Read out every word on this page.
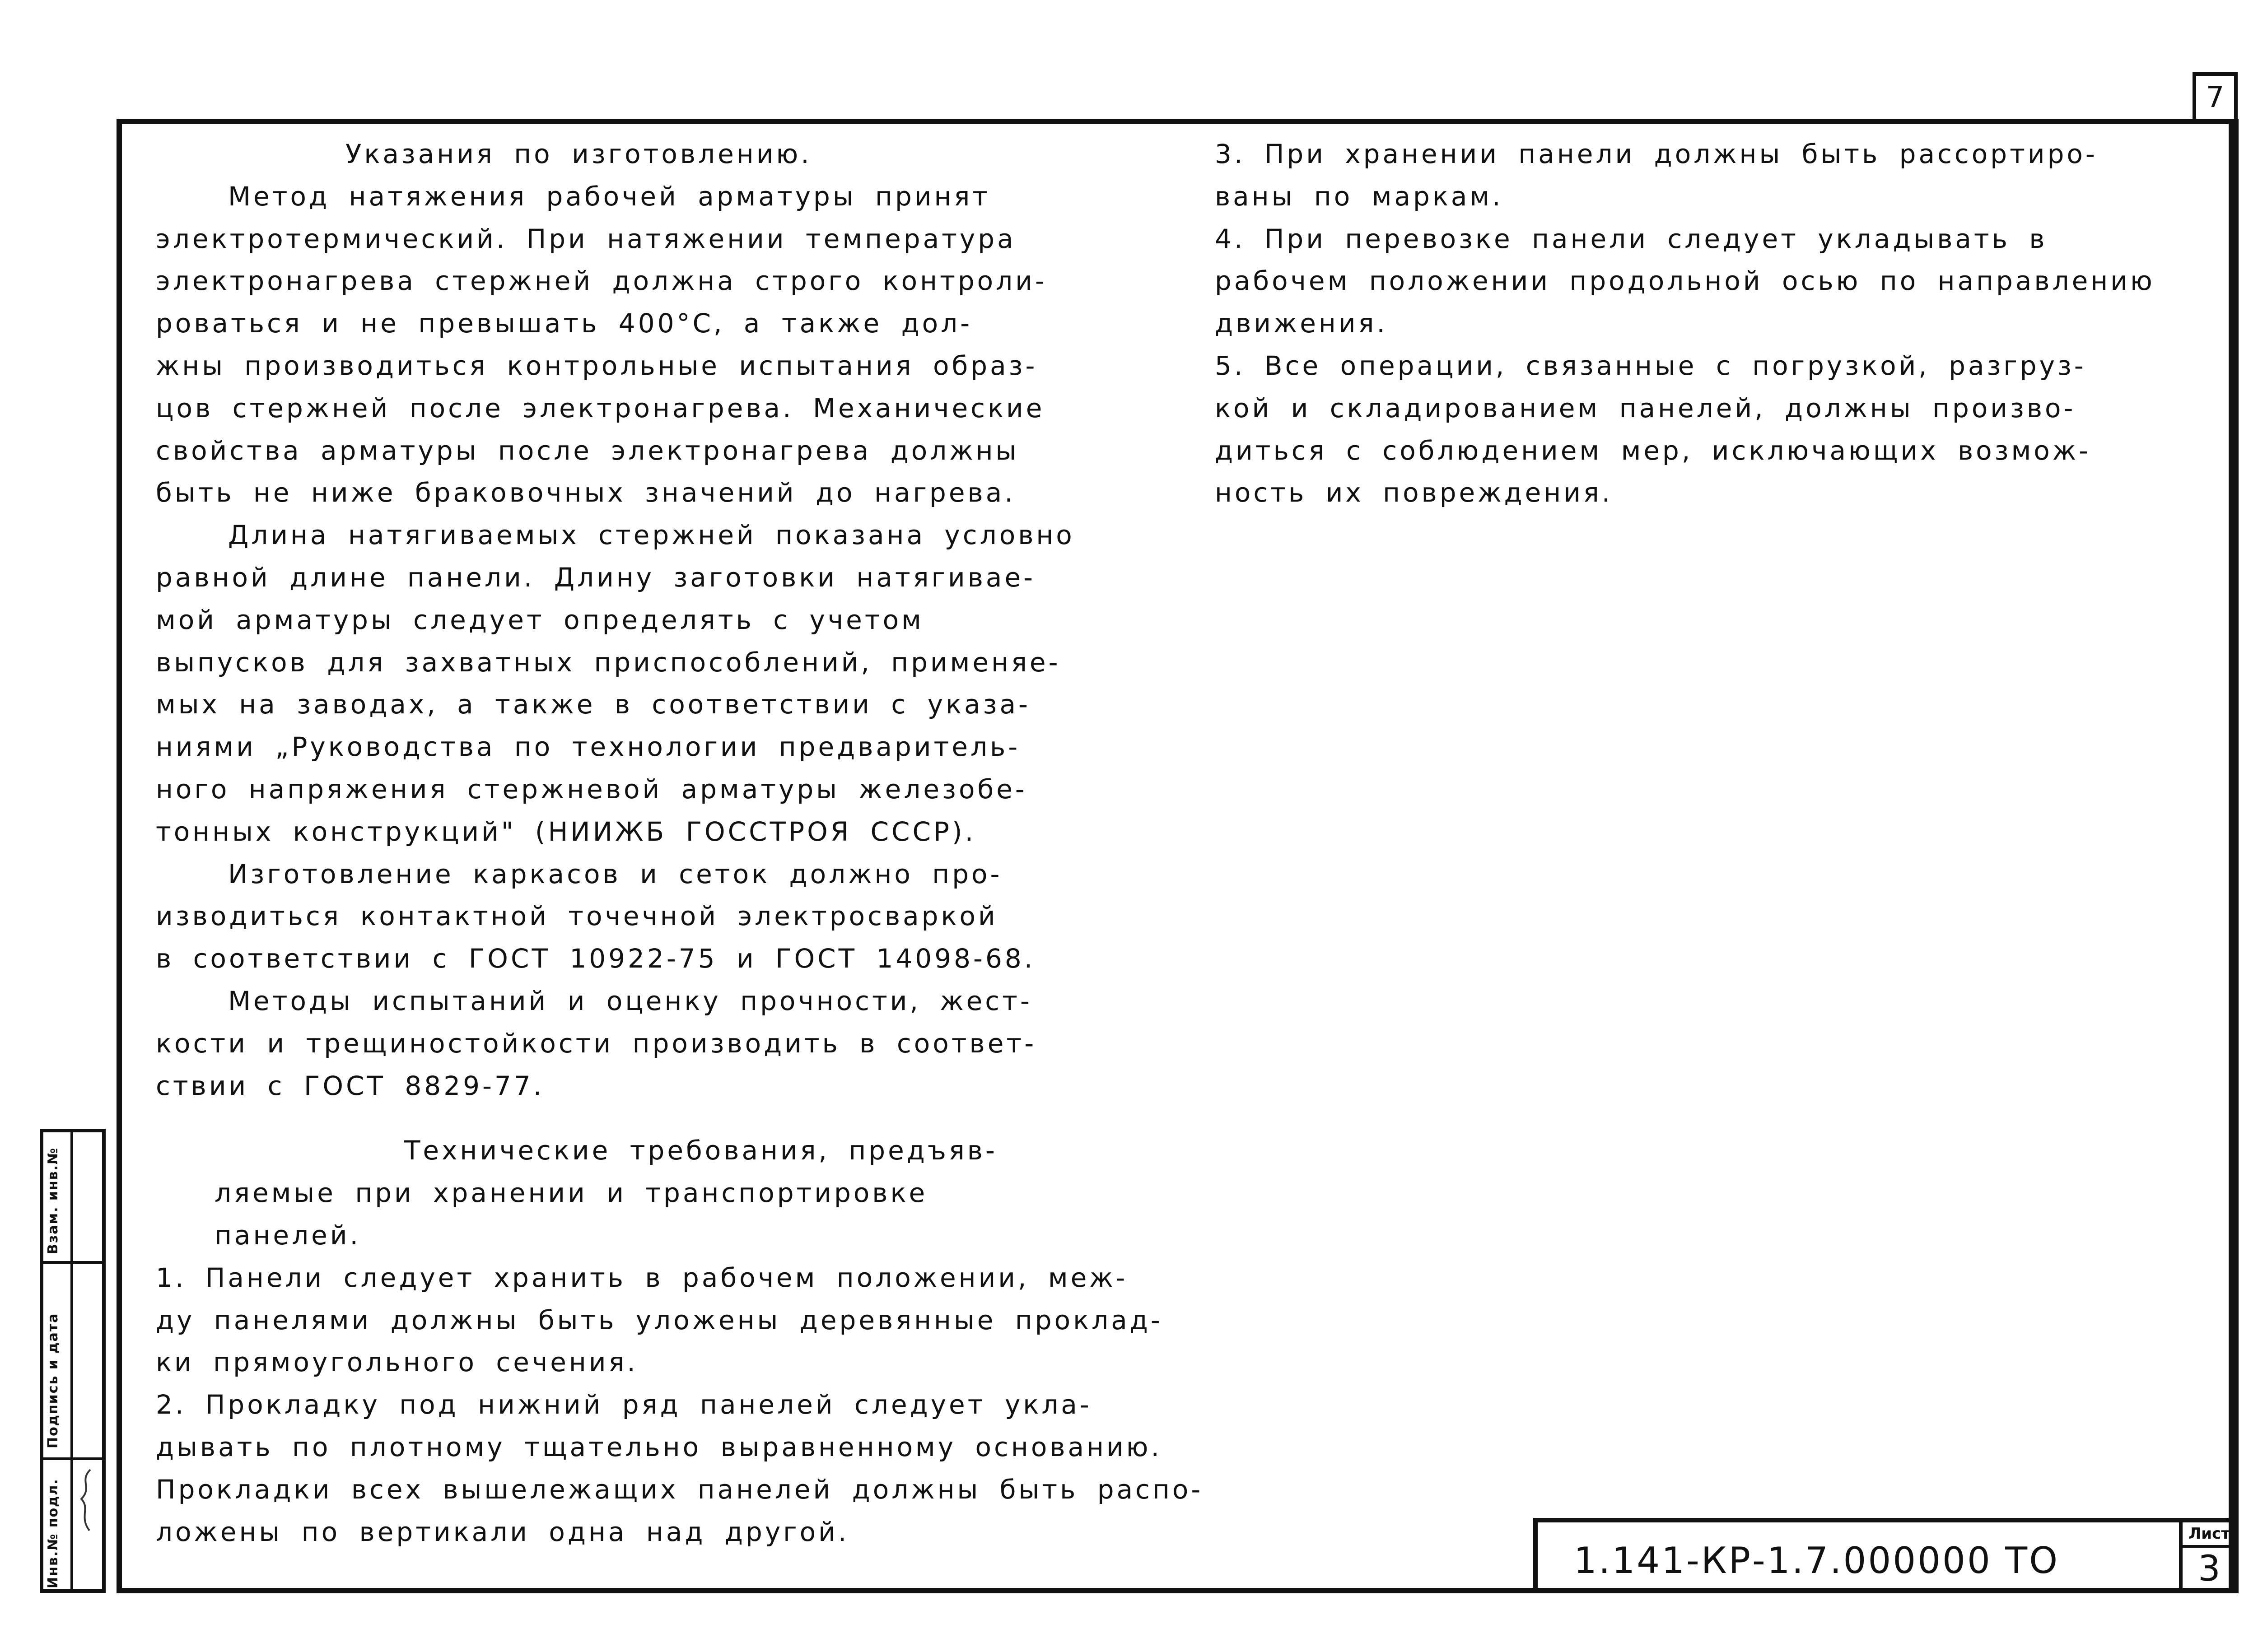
7
Инв.№ подл.
Подпись и дата
Взам. инв.№

Указания по изготовлению.

Метод натяжения рабочей арматуры принят

электротермический. При натяжении температура

электронагрева стержней должна строго контроли-

роваться и не превышать 400°С, а также дол-

жны производиться контрольные испытания образ-

цов стержней после электронагрева. Механические

свойства арматуры после электронагрева должны

быть не ниже браковочных значений до нагрева.

Длина натягиваемых стержней показана условно

равной длине панели. Длину заготовки натягивае-

мой арматуры следует определять с учетом

выпусков для захватных приспособлений, применяе-

мых на заводах, а также в соответствии с указа-

ниями „Руководства по технологии предваритель-

ного напряжения стержневой арматуры железобе-

тонных конструкций" (НИИЖБ ГОССТРОЯ СССР).

Изготовление каркасов и сеток должно про-

изводиться контактной точечной электросваркой

в соответствии с ГОСТ 10922-75 и ГОСТ 14098-68.

Методы испытаний и оценку прочности, жест-

кости и трещиностойкости производить в соответ-

ствии с ГОСТ 8829-77.

Технические требования, предъяв-

ляемые при хранении и транспортировке

панелей.

1. Панели следует хранить в рабочем положении, меж-

ду панелями должны быть уложены деревянные проклад-

ки прямоугольного сечения.

2. Прокладку под нижний ряд панелей следует укла-

дывать по плотному тщательно выравненному основанию.

Прокладки всех вышележащих панелей должны быть распо-

ложены по вертикали одна над другой.

3. При хранении панели должны быть рассортиро-

ваны по маркам.

4. При перевозке панели следует укладывать в

рабочем положении продольной осью по направлению

движения.

5. Все операции, связанные с погрузкой, разгруз-

кой и складированием панелей, должны произво-

диться с соблюдением мер, исключающих возмож-

ность их повреждения.

1.141-КР-1.7.000000 ТО
Лист
3
